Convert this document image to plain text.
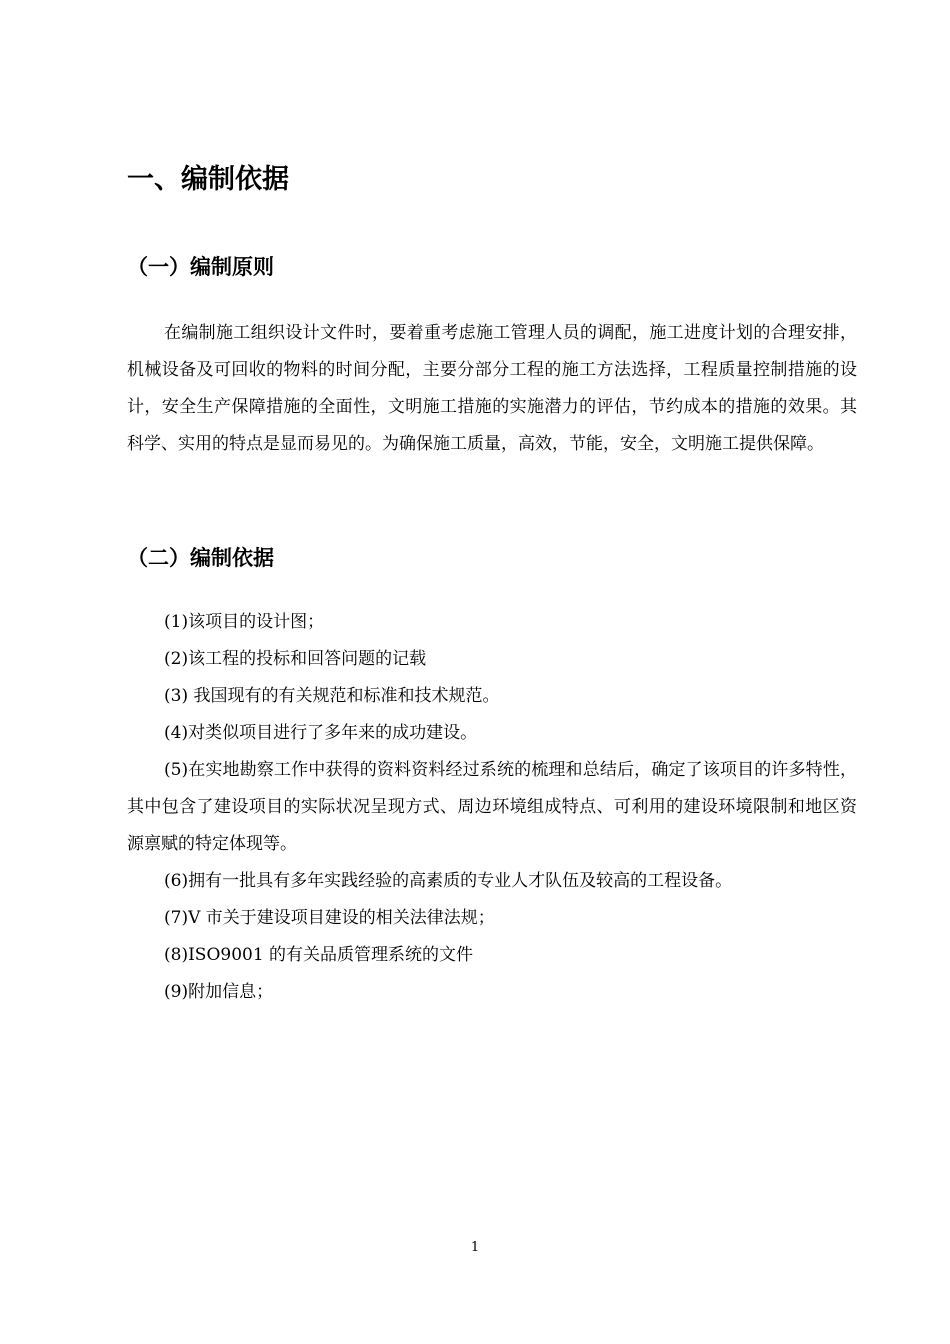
一、编制依据
（一）编制原则

在编制施工组织设计文件时，要着重考虑施工管理人员的调配，施工进度计划的合理安排，机械设备及可回收的物料的时间分配，主要分部分工程的施工方法选择，工程质量控制措施的设计，安全生产保障措施的全面性，文明施工措施的实施潜力的评估，节约成本的措施的效果。其科学、实用的特点是显而易见的。为确保施工质量，高效，节能，安全，文明施工提供保障。

（二）编制依据
(1)该项目的设计图；
(2)该工程的投标和回答问题的记载
(3) 我国现有的有关规范和标准和技术规范。
(4)对类似项目进行了多年来的成功建设。
(5)在实地勘察工作中获得的资料资料经过系统的梳理和总结后，确定了该项目的许多特性，其中包含了建设项目的实际状况呈现方式、周边环境组成特点、可利用的建设环境限制和地区资源禀赋的特定体现等。
(6)拥有一批具有多年实践经验的高素质的专业人才队伍及较高的工程设备。
(7)V 市关于建设项目建设的相关法律法规；
(8)ISO9001 的有关品质管理系统的文件
(9)附加信息；
1
